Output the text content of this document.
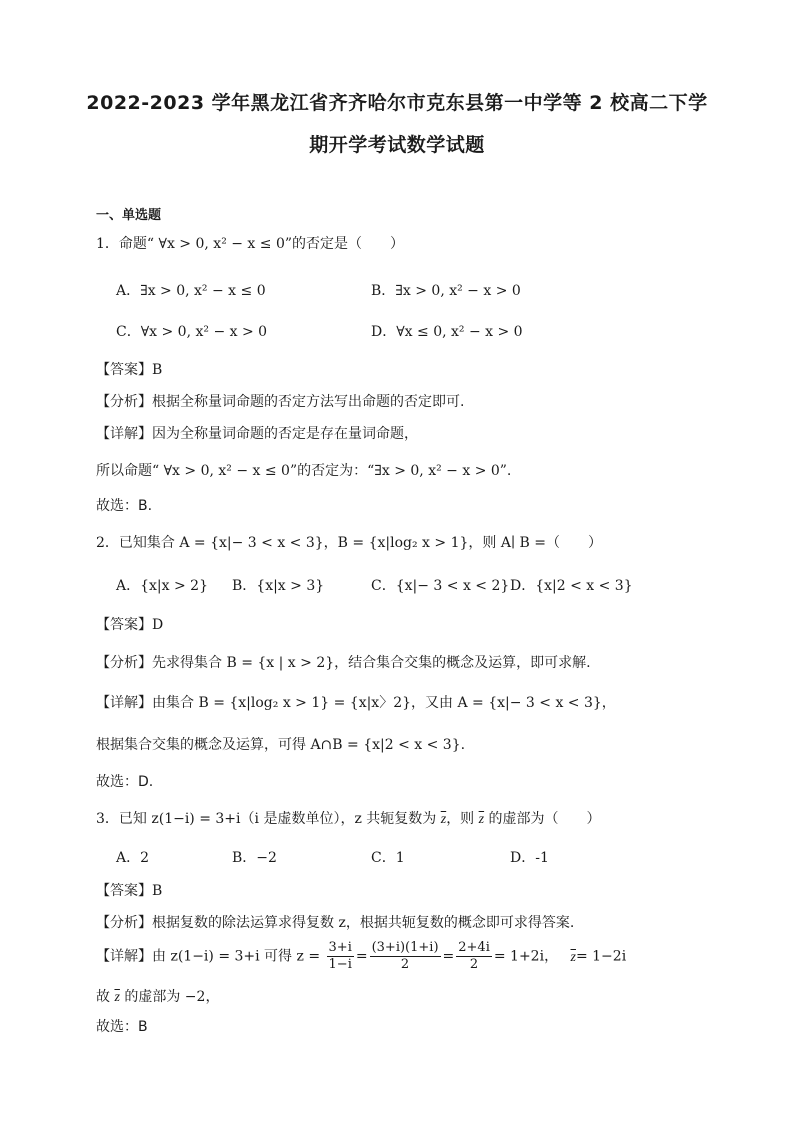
2022-2023 学年黑龙江省齐齐哈尔市克东县第一中学等 2 校高二下学
期开学考试数学试题
一、单选题
1．命题“ ∀x > 0, x² − x ≤ 0”的否定是（　　）
A．∃x > 0, x² − x ≤ 0	B．∃x > 0, x² − x > 0
C．∀x > 0, x² − x > 0	D．∀x ≤ 0, x² − x > 0
【答案】B
【分析】根据全称量词命题的否定方法写出命题的否定即可.
【详解】因为全称量词命题的否定是存在量词命题，
所以命题“ ∀x > 0, x² − x ≤ 0”的否定为：“∃x > 0, x² − x > 0”.
故选：B.
2．已知集合 A = {x|− 3 < x < 3}，B = {x|log₂ x > 1}，则 A∣ B =（　　）
A．{x|x > 2} B．{x|x > 3}	C．{x|− 3 < x < 2} D．{x|2 < x < 3}
【答案】D
【分析】先求得集合 B = {x | x > 2}，结合集合交集的概念及运算，即可求解.
【详解】由集合 B = {x|log₂ x > 1} = {x|x〉2}，又由 A = {x|− 3 < x < 3}，
根据集合交集的概念及运算，可得 A∩B = {x|2 < x < 3}.
故选：D.
3．已知 z(1−i) = 3+i（i 是虚数单位），z 共轭复数为 $\overline{z}$，则 $\overline{z}$ 的虚部为（　　）
A．2	B．−2	C．1	D．-1
【答案】B
【分析】根据复数的除法运算求得复数 z，根据共轭复数的概念即可求得答案.
【详解】由 z(1−i) = 3+i 可得 $z = \frac{3+i}{1-i} = \frac{(3+i)(1+i)}{2} = \frac{2+4i}{2} = 1+2i$， $\overline{z}= 1-2i$
故 $\overline{z}$ 的虚部为 −2，
故选：B
